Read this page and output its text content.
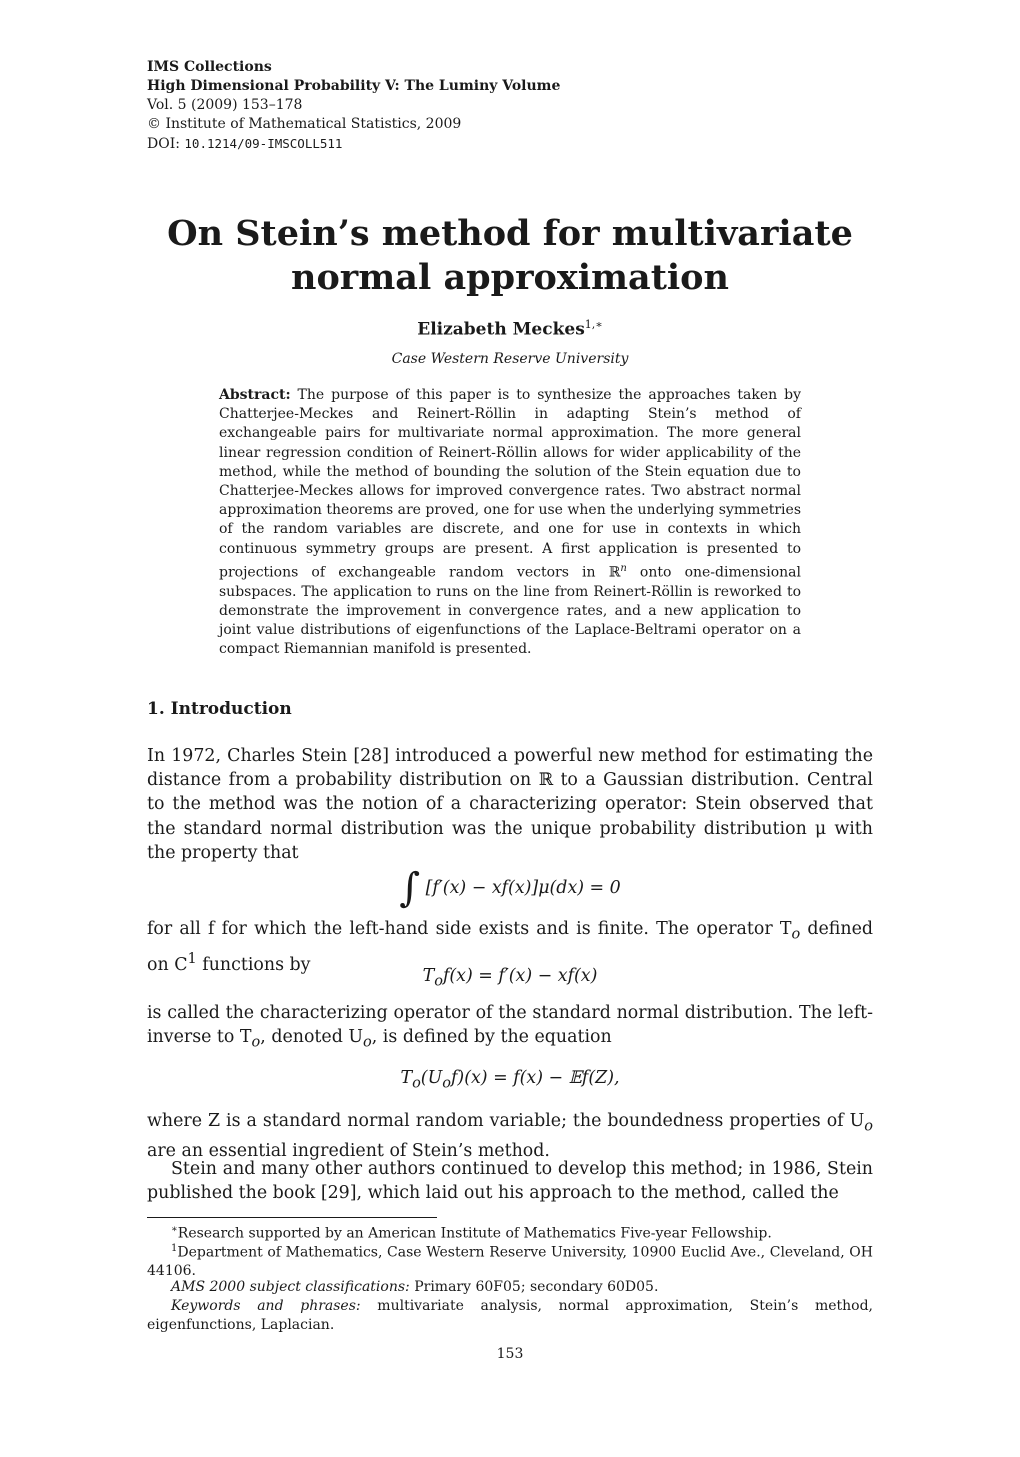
IMS Collections
High Dimensional Probability V: The Luminy Volume
Vol. 5 (2009) 153–178
© Institute of Mathematical Statistics, 2009
DOI: 10.1214/09-IMSCOLL511
On Stein’s method for multivariate
normal approximation
Elizabeth Meckes$^{1,∗}$
Case Western Reserve University
Abstract: The purpose of this paper is to synthesize the approaches taken by Chatterjee-Meckes and Reinert-Röllin in adapting Stein’s method of exchangeable pairs for multivariate normal approximation. The more general linear regression condition of Reinert-Röllin allows for wider applicability of the method, while the method of bounding the solution of the Stein equation due to Chatterjee-Meckes allows for improved convergence rates. Two abstract normal approximation theorems are proved, one for use when the underlying symmetries of the random variables are discrete, and one for use in contexts in which continuous symmetry groups are present. A first application is presented to projections of exchangeable random vectors in ℝ$^n$ onto one-dimensional subspaces. The application to runs on the line from Reinert-Röllin is reworked to demonstrate the improvement in convergence rates, and a new application to joint value distributions of eigenfunctions of the Laplace-Beltrami operator on a compact Riemannian manifold is presented.
1. Introduction
In 1972, Charles Stein [28] introduced a powerful new method for estimating the distance from a probability distribution on ℝ to a Gaussian distribution. Central to the method was the notion of a characterizing operator: Stein observed that the standard normal distribution was the unique probability distribution μ with the property that
∫ [f′(x) − xf(x)]μ(dx) = 0
for all f for which the left-hand side exists and is finite. The operator $T_o$ defined on $C^1$ functions by
$T_of(x) = f'(x) - xf(x)$
is called the characterizing operator of the standard normal distribution. The left-inverse to $T_o$, denoted $U_o$, is defined by the equation
$T_o(U_of)(x) = f(x)$ − 𝔼f(Z),
where Z is a standard normal random variable; the boundedness properties of $U_o$ are an essential ingredient of Stein’s method.
Stein and many other authors continued to develop this method; in 1986, Stein published the book [29], which laid out his approach to the method, called the
∗Research supported by an American Institute of Mathematics Five-year Fellowship.
$^1$Department of Mathematics, Case Western Reserve University, 10900 Euclid Ave., Cleveland, OH 44106.
AMS 2000 subject classifications: Primary 60F05; secondary 60D05.
Keywords and phrases: multivariate analysis, normal approximation, Stein’s method, eigenfunctions, Laplacian.
153
